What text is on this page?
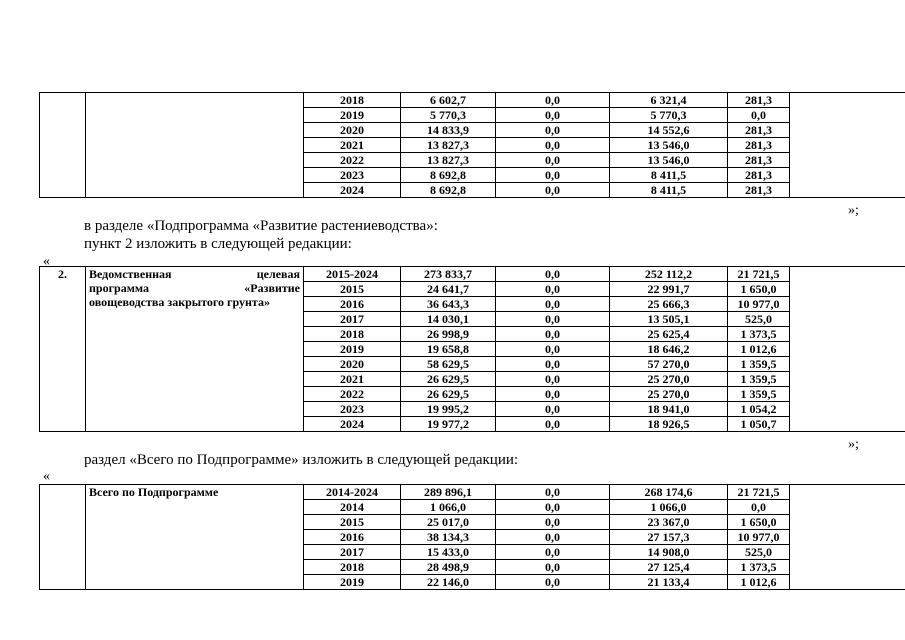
		2018	6 602,7	0,0	6 321,4	281,3		
		2019	5 770,3	0,0	5 770,3	0,0		
		2020	14 833,9	0,0	14 552,6	281,3		
		2021	13 827,3	0,0	13 546,0	281,3		
		2022	13 827,3	0,0	13 546,0	281,3		
		2023	8 692,8	0,0	8 411,5	281,3		
		2024	8 692,8	0,0	8 411,5	281,3		
»;
в разделе «Подпрограмма «Развитие растениеводства»:
пункт 2 изложить в следующей редакции:
«
2.	Ведомственная целевая
программа «Развитие
овощеводства закрытого грунта»	2015-2024	273 833,7	0,0	252 112,2	21 721,5		
		2015	24 641,7	0,0	22 991,7	1 650,0		
		2016	36 643,3	0,0	25 666,3	10 977,0		
		2017	14 030,1	0,0	13 505,1	525,0		
		2018	26 998,9	0,0	25 625,4	1 373,5		
		2019	19 658,8	0,0	18 646,2	1 012,6		
		2020	58 629,5	0,0	57 270,0	1 359,5		
		2021	26 629,5	0,0	25 270,0	1 359,5		
		2022	26 629,5	0,0	25 270,0	1 359,5		
		2023	19 995,2	0,0	18 941,0	1 054,2		
		2024	19 977,2	0,0	18 926,5	1 050,7		
»;
раздел «Всего по Подпрограмме» изложить в следующей редакции:
«
	Всего по Подпрограмме	2014-2024	289 896,1	0,0	268 174,6	21 721,5		
		2014	1 066,0	0,0	1 066,0	0,0		
		2015	25 017,0	0,0	23 367,0	1 650,0		
		2016	38 134,3	0,0	27 157,3	10 977,0		
		2017	15 433,0	0,0	14 908,0	525,0		
		2018	28 498,9	0,0	27 125,4	1 373,5		
		2019	22 146,0	0,0	21 133,4	1 012,6		
